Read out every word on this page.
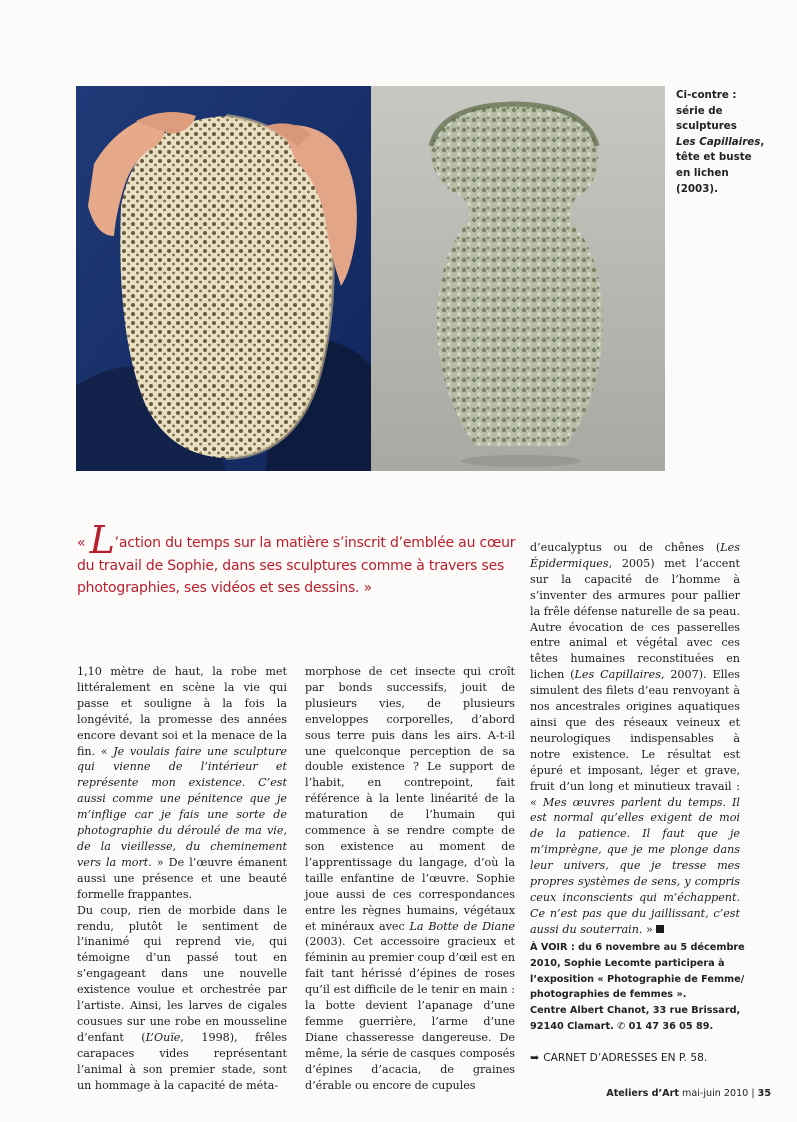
Ci-contre :
série de
sculptures
Les Capillaires,
tête et buste
en lichen
(2003).

« L’action du temps sur la matière s’inscrit d’emblée au cœur du travail de Sophie, dans ses sculptures comme à travers ses photographies, ses vidéos et ses dessins. »

1,10 mètre de haut, la robe met littéralement en scène la vie qui passe et souligne à la fois la longévité, la promesse des années encore devant soi et la menace de la fin. « Je voulais faire une sculpture qui vienne de l’intérieur et représente mon existence. C’est aussi comme une pénitence que je m’inflige car je fais une sorte de photographie du déroulé de ma vie, de la vieillesse, du cheminement vers la mort. » De l’œuvre émanent aussi une présence et une beauté formelle frappantes.

Du coup, rien de morbide dans le rendu, plutôt le sentiment de l’inanimé qui reprend vie, qui témoigne d’un passé tout en s’engageant dans une nouvelle existence voulue et orchestrée par l’artiste. Ainsi, les larves de cigales cousues sur une robe en mousseline d’enfant (L’Ouïe, 1998), frêles carapaces vides représentant l’animal à son premier stade, sont un hommage à la capacité de méta-

morphose de cet insecte qui croît par bonds successifs, jouit de plusieurs vies, de plusieurs enveloppes corporelles, d’abord sous terre puis dans les airs. A-t-il une quelconque perception de sa double existence ? Le support de l’habit, en contrepoint, fait référence à la lente linéarité de la maturation de l’humain qui commence à se rendre compte de son existence au moment de l’apprentissage du langage, d’où la taille enfantine de l’œuvre. Sophie joue aussi de ces correspondances entre les règnes humains, végétaux et minéraux avec La Botte de Diane (2003). Cet accessoire gracieux et féminin au premier coup d’œil est en fait tant hérissé d’épines de roses qu’il est difficile de le tenir en main : la botte devient l’apanage d’une femme guerrière, l’arme d’une Diane chasseresse dangereuse. De même, la série de casques composés d’épines d’acacia, de graines d’érable ou encore de cupules

d’eucalyptus ou de chênes (Les Épidermiques, 2005) met l’accent sur la capacité de l’homme à s’inventer des armures pour pallier la frêle défense naturelle de sa peau. Autre évocation de ces passerelles entre animal et végétal avec ces têtes humaines reconstituées en lichen (Les Capillaires, 2007). Elles simulent des filets d’eau renvoyant à nos ancestrales origines aquatiques ainsi que des réseaux veineux et neurologiques indispensables à notre existence. Le résultat est épuré et imposant, léger et grave, fruit d’un long et minutieux travail : « Mes œuvres parlent du temps. Il est normal qu’elles exigent de moi de la patience. Il faut que je m’imprègne, que je me plonge dans leur univers, que je tresse mes propres systèmes de sens, y compris ceux inconscients qui m’échappent. Ce n’est pas que du jaillissant, c’est aussi du souterrain. »

À VOIR : du 6 novembre au 5 décembre 2010, Sophie Lecomte participera à l’exposition « Photographie de Femme/ photographies de femmes ».
Centre Albert Chanot, 33 rue Brissard, 92140 Clamart. ✆ 01 47 36 05 89.

➥ CARNET D’ADRESSES EN P. 58.
Ateliers d’Art mai-juin 2010 | 35
